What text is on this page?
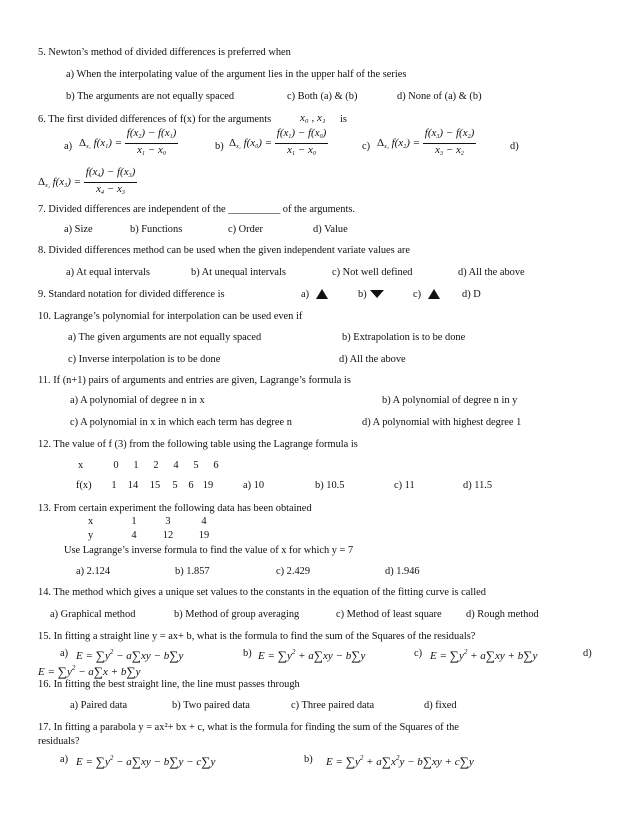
5. Newton’s method of divided differences is preferred when
a) When the interpolating value of the argument lies in the upper half of the series
b) The arguments are not equally spaced	c) Both (a) & (b)	d) None of (a) & (b)
6. The first divided differences of f(x) for the arguments	x₀ , x₁ is
a) $\Delta_{x_1}$ $f(x_1) = \frac{f(x_2) - f(x_1)}{x_1 - x_0}$	b) $\Delta_{x_1}$ $f(x_0) = \frac{f(x_1) - f(x_0)}{x_1 - x_0}$	c) $\Delta_{x_3}$ $f(x_2) = \frac{f(x_3) - f(x_2)}{x_3 - x_2}$	d)
$\Delta_{x_4}$ $f(x_3) = \frac{f(x_4) - f(x_3)}{x_4 - x_3}$
7. Divided differences are independent of the __________ of the arguments.
a) Size	b) Functions	c) Order	d) Value
8. Divided differences method can be used when the given independent variate values are
a) At equal intervals	b) At unequal intervals	c) Not well defined	d) All the above
9. Standard notation for divided difference is	a)	b)	c)	d) D
10. Lagrange’s polynomial for interpolation can be used even if
a) The given arguments are not equally spaced	b) Extrapolation is to be done
c) Inverse interpolation is to be done	d) All the above
11. If (n+1) pairs of arguments and entries are given, Lagrange’s formula is
a) A polynomial of degree n in x	b) A polynomial of degree n in y
c) A polynomial in x in which each term has degree n	d) A polynomial with highest degree 1
12. The value of f (3) from the following table using the Lagrange formula is
x	0 1 2 4 5 6
f(x) 1 14 15 5 6 19	a) 10	b) 10.5	c) 11	d) 11.5
13. From certain experiment the following data has been obtained
x	1	3	4
y	4	12 19
Use Lagrange’s inverse formula to find the value of x for which y = 7
a) 2.124	b) 1.857	c) 2.429	d) 1.946
14. The method which gives a unique set values to the constants in the equation of the fitting curve is called
a) Graphical method	b) Method of group averaging	c) Method of least square d) Rough method
15. In fitting a straight line y = ax+ b, what is the formula to find the sum of the Squares of the residuals?
a) $E = \sum y^2 - a\sum xy - b\sum y$	b) $E = \sum y^2 + a\sum xy - b\sum y$	c) $E = \sum y^2 + a\sum xy + b\sum y$	d)
$E = \sum y^2 - a\sum x + b\sum y$
16. In fitting the best straight line, the line must passes through
a) Paired data	b) Two paired data	c) Three paired data	d) fixed
17. In fitting a parabola y = ax²+ bx + c, what is the formula for finding the sum of the Squares of the
residuals?
a) $E = \sum y^2 - a\sum xy - b\sum y - c\sum y$	b) $E = \sum y^2 + a\sum x^2y - b\sum xy + c\sum y$
